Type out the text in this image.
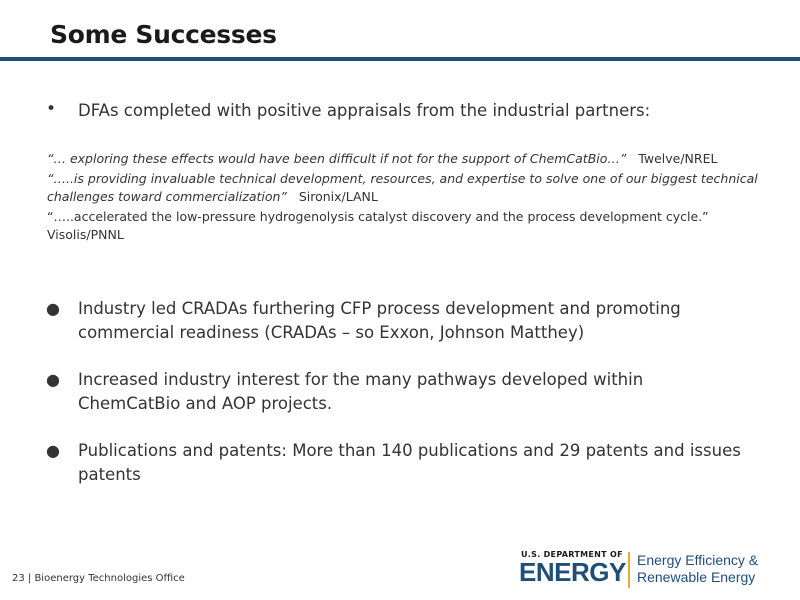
Some Successes
•	DFAs completed with positive appraisals from the industrial partners:
“… exploring these effects would have been difficult if not for the support of ChemCatBio…” Twelve/NREL
“…..is providing invaluable technical development, resources, and expertise to solve one of our biggest technical challenges toward commercialization” Sironix/LANL
“…..accelerated the low-pressure hydrogenolysis catalyst discovery and the process development cycle.” Visolis/PNNL
●	Industry led CRADAs furthering CFP process development and promoting commercial readiness (CRADAs – so Exxon, Johnson Matthey)
●	Increased industry interest for the many pathways developed within ChemCatBio and AOP projects.
●	Publications and patents: More than 140 publications and 29 patents and issues patents
23 | Bioenergy Technologies Office
U.S. DEPARTMENT OF
ENERGY Energy Efficiency &
Renewable Energy
